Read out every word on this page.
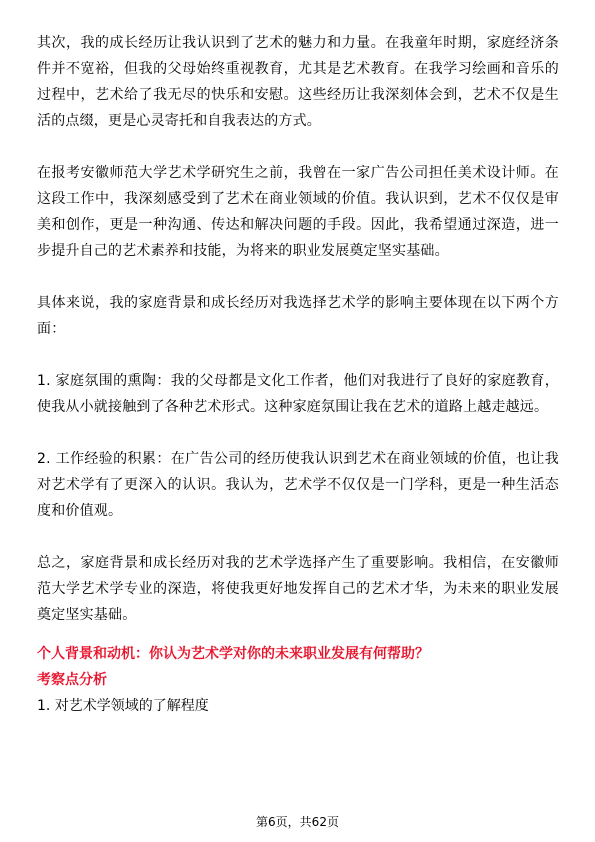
其次，我的成长经历让我认识到了艺术的魅力和力量。在我童年时期，家庭经济条件并不宽裕，但我的父母始终重视教育，尤其是艺术教育。在我学习绘画和音乐的过程中，艺术给了我无尽的快乐和安慰。这些经历让我深刻体会到，艺术不仅是生活的点缀，更是心灵寄托和自我表达的方式。

在报考安徽师范大学艺术学研究生之前，我曾在一家广告公司担任美术设计师。在这段工作中，我深刻感受到了艺术在商业领域的价值。我认识到，艺术不仅仅是审美和创作，更是一种沟通、传达和解决问题的手段。因此，我希望通过深造，进一步提升自己的艺术素养和技能，为将来的职业发展奠定坚实基础。

具体来说，我的家庭背景和成长经历对我选择艺术学的影响主要体现在以下两个方面：

1. 家庭氛围的熏陶：我的父母都是文化工作者，他们对我进行了良好的家庭教育，使我从小就接触到了各种艺术形式。这种家庭氛围让我在艺术的道路上越走越远。

2. 工作经验的积累：在广告公司的经历使我认识到艺术在商业领域的价值，也让我对艺术学有了更深入的认识。我认为，艺术学不仅仅是一门学科，更是一种生活态度和价值观。

总之，家庭背景和成长经历对我的艺术学选择产生了重要影响。我相信，在安徽师范大学艺术学专业的深造，将使我更好地发挥自己的艺术才华，为未来的职业发展奠定坚实基础。

个人背景和动机：你认为艺术学对你的未来职业发展有何帮助？
考察点分析
1. 对艺术学领域的了解程度
第6页，共62页
